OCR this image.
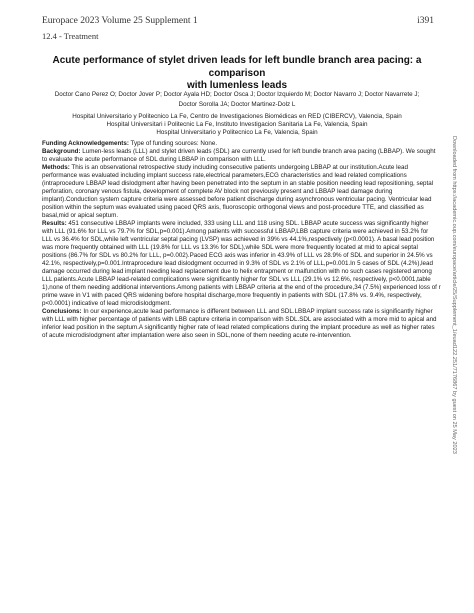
Europace 2023 Volume 25 Supplement 1	i391
12.4 - Treatment
Acute performance of stylet driven leads for left bundle branch area pacing: a comparison
with lumenless leads
Doctor Cano Perez O; Doctor Jover P; Doctor Ayala HD; Doctor Osca J; Doctor Izquierdo M; Doctor Navarro J; Doctor Navarrete J;
Doctor Sorolla JA; Doctor Martinez-Dolz L
Hospital Universitario y Politecnico La Fe, Centro de Investigaciones Biomédicas en RED (CIBERCV), Valencia, Spain
Hospital Universitari i Politecnic La Fe, Instituto Investigacion Sanitaria La Fe, Valencia, Spain
Hospital Universitario y Politecnico La Fe, Valencia, Spain
Funding Acknowledgements: Type of funding sources: None.
Background: Lumen-less leads (LLL) and stylet driven leads (SDL) are currently used for left bundle branch area pacing (LBBAP). We sought
to evaluate the acute performance of SDL during LBBAP in comparison with LLL.
Methods: This is an observational retrospective study including consecutive patients undergoing LBBAP at our institution.Acute lead
performance was evaluated including implant success rate,electrical parameters,ECG characteristics and lead related complications
(intraprocedure LBBAP lead dislodgment after having been penetrated into the septum in an stable position needing lead repositioning, septal
perforation, coronary venous fistula, development of complete AV block not previously present and LBBAP lead damage during
implant).Conduction system capture criteria were assessed before patient discharge during asynchronous ventricular pacing. Ventricular lead
position within the septum was evaluated using paced QRS axis, fluoroscopic orthogonal views and post-procedure TTE, and classified as
basal,mid or apical septum.
Results: 451 consecutive LBBAP implants were included, 333 using LLL and 118 using SDL. LBBAP acute success was significantly higher
with LLL (91.6% for LLL vs 79.7% for SDL,p=0.001).Among patients with successful LBBAP,LBB capture criteria were achieved in 53.2% for
LLL vs 36.4% for SDL,while left ventricular septal pacing (LVSP) was achieved in 39% vs 44.1%,respectively (p<0.0001). A basal lead position
was more frequently obtained with LLL (19.8% for LLL vs 13.3% for SDL),while SDL were more frequently located at mid to apical septal
positions (86.7% for SDL vs 80.2% for LLL, p=0.002).Paced ECG axis was inferior in 43.9% of LLL vs 28.9% of SDL and superior in 24.5% vs
42.1%, respectively,p=0.001.Intraprocedure lead dislodgment occurred in 9.3% of SDL vs 2.1% of LLL,p=0.001.In 5 cases of SDL (4.2%),lead
damage occurred during lead implant needing lead replacement due to helix entrapment or malfunction with no such cases registered among
LLL patients.Acute LBBAP lead-related complications were significantly higher for SDL vs LLL (29.1% vs 12.6%, respectively, p<0.0001,table
1),none of them needing additional interventions.Among patients with LBBAP criteria at the end of the procedure,34 (7.5%) experienced loss of r
prime wave in V1 with paced QRS widening before hospital discharge,more frequently in patients with SDL (17.8% vs. 9.4%, respectively,
p<0.0001) indicative of lead microdislodgment.
Conclusions: In our experience,acute lead performance is different between LLL and SDL.LBBAP implant success rate is significantly higher
with LLL with higher percentage of patients with LBB capture criteria in comparison with SDL.SDL are associated with a more mid to apical and
inferior lead position in the septum.A significantly higher rate of lead related complications during the implant procedure as well as higher rates
of acute microdislodgment after implantation were also seen in SDL,none of them needing acute re-intervention.	Downloaded from https://academic.oup.com/europace/article/25/Supplement_1/euad122.251/7176867 by guest on 25 May 2023
